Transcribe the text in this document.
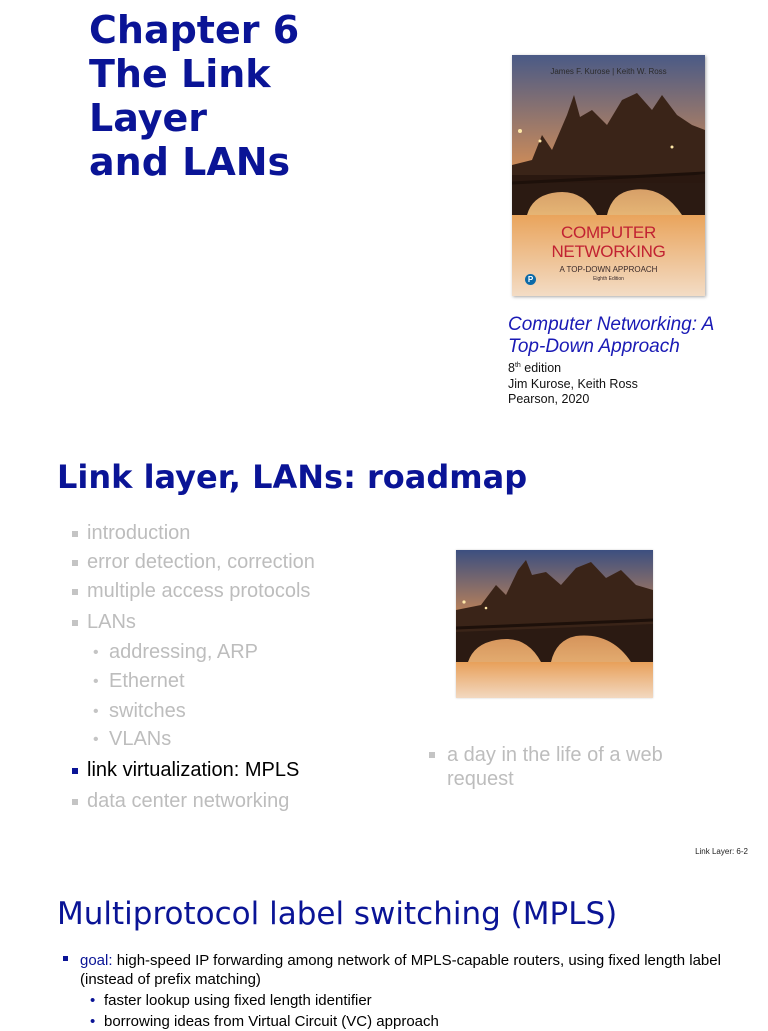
Chapter 6
The Link
Layer
and LANs
James F. Kurose | Keith W. Ross
COMPUTER
NETWORKING
A TOP-DOWN APPROACH
Eighth Edition
P
Computer Networking: A
Top-Down Approach
8th edition
Jim Kurose, Keith Ross
Pearson, 2020
Link layer, LANs: roadmap
introduction
error detection, correction
multiple access protocols
LANs
• addressing, ARP
• Ethernet
• switches
• VLANs
link virtualization: MPLS
data center networking
a day in the life of a web
request
Link Layer: 6-2
Multiprotocol label switching (MPLS)
goal: high-speed IP forwarding among network of MPLS-capable routers, using fixed length label (instead of prefix matching)
• faster lookup using fixed length identifier
• borrowing ideas from Virtual Circuit (VC) approach
